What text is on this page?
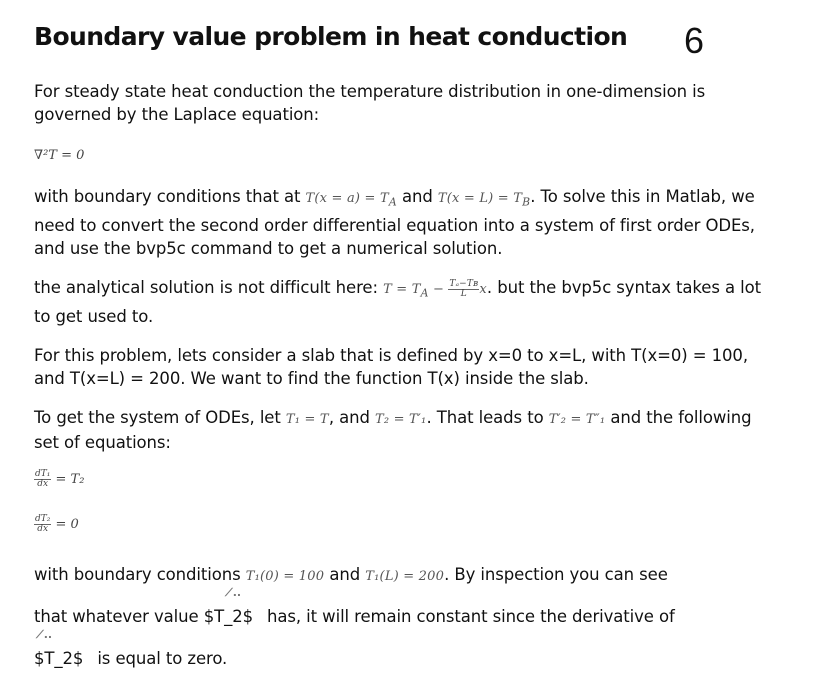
Boundary value problem in heat conduction 6
For steady state heat conduction the temperature distribution in one-dimension is governed by the Laplace equation:
∇²T = 0
with boundary conditions that at $T(x = a) = T_A$ and $T(x = L) = T_B$. To solve this in Matlab, we need to convert the second order differential equation into a system of first order ODEs, and use the bvp5c command to get a numerical solution.
the analytical solution is not difficult here: $T = T_A - \frac{\text{Tₐ−Tʙ}}{L} x$. but the bvp5c syntax takes a lot to get used to.
For this problem, lets consider a slab that is defined by x=0 to x=L, with T(x=0) = 100, and T(x=L) = 200. We want to find the function T(x) inside the slab.
To get the system of ODEs, let T₁ = T, and T₂ = T′₁. That leads to T′₂ = T″₁ and the following set of equations:
$\frac{\text{dT₁}}{dx} = T_2$
$\frac{\text{dT₂}}{dx} = 0$
with boundary conditions T₁(0) = 100 and T₁(L) = 200. By inspection you can see
⟋..
that whatever value $T_2$ has, it will remain constant since the derivative of
⟋..
$T_2$ is equal to zero.
